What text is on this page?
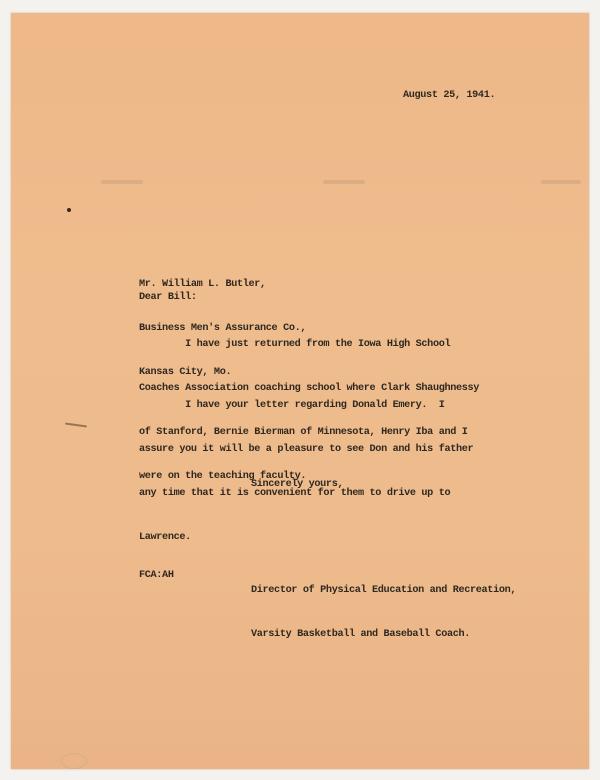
August 25, 1941.

Mr. William L. Butler,

Business Men's Assurance Co.,

Kansas City, Mo.

Dear Bill:

I have just returned from the Iowa High School

Coaches Association coaching school where Clark Shaughnessy

of Stanford, Bernie Bierman of Minnesota, Henry Iba and I

were on the teaching faculty.

I have your letter regarding Donald Emery.  I

assure you it will be a pleasure to see Don and his father

any time that it is convenient for them to drive up to

Lawrence.

Sincerely yours,

Director of Physical Education and Recreation,

Varsity Basketball and Baseball Coach.

FCA:AH
